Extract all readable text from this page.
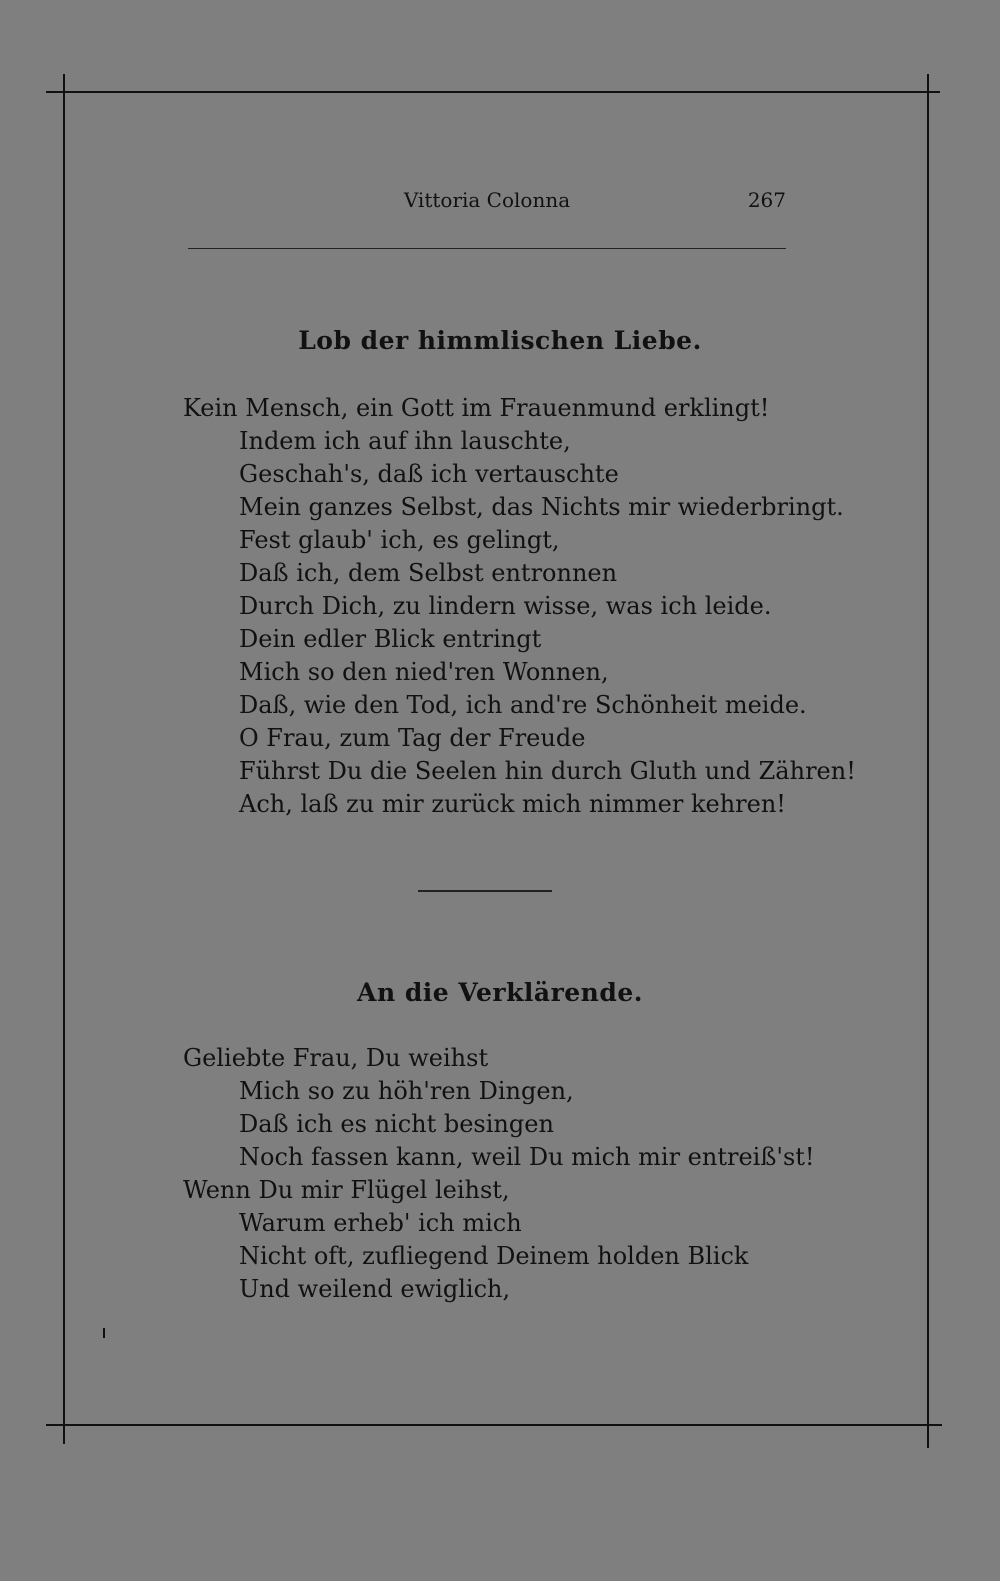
Vittoria Colonna	267
Lob der himmlischen Liebe.
Kein Mensch, ein Gott im Frauenmund erklingt!
Indem ich auf ihn lauschte,
Geschah's, daß ich vertauschte
Mein ganzes Selbst, das Nichts mir wiederbringt.
Fest glaub' ich, es gelingt,
Daß ich, dem Selbst entronnen
Durch Dich, zu lindern wisse, was ich leide.
Dein edler Blick entringt
Mich so den nied'ren Wonnen,
Daß, wie den Tod, ich and're Schönheit meide.
O Frau, zum Tag der Freude
Führst Du die Seelen hin durch Gluth und Zähren!
Ach, laß zu mir zurück mich nimmer kehren!
An die Verklärende.
Geliebte Frau, Du weihst
Mich so zu höh'ren Dingen,
Daß ich es nicht besingen
Noch fassen kann, weil Du mich mir entreiß'st!
Wenn Du mir Flügel leihst,
Warum erheb' ich mich
Nicht oft, zufliegend Deinem holden Blick
Und weilend ewiglich,
